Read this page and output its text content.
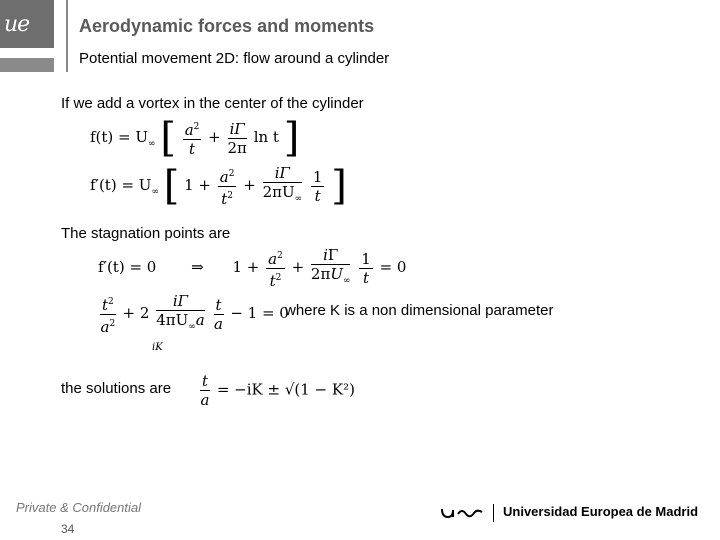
ue	Aerodynamic forces and moments
Potential movement 2D: flow around a cylinder
If we add a vortex in the center of the cylinder
$f(t) = U_\infty$ [ $\frac{a^2}{t} + \frac{i\Gamma}{2\pi}$ ln t ]
$f'(t) = U_\infty$ [ $1 + \frac{a^2}{t^2} + \frac{i\Gamma}{2\pi U_\infty}$
$\frac{1}{t}$ ]
The stagnation points are
f′(t) = 0 ⇒ $1 + \frac{a^2}{t^2} + \frac{i\Gamma}{2\pi U_\infty}$
$\frac{1}{t} = 0$
$\frac{t^2}{a^2} + 2 \frac{i\Gamma}{4\pi U_\infty a}$
$\frac{t}{a} - 1 = 0$
iK
where K is a non dimensional parameter
the solutions are $\frac{t}{a} = -iK \pm √(1 - K^2)$
Private & Confidential
34
Universidad Europea de Madrid
